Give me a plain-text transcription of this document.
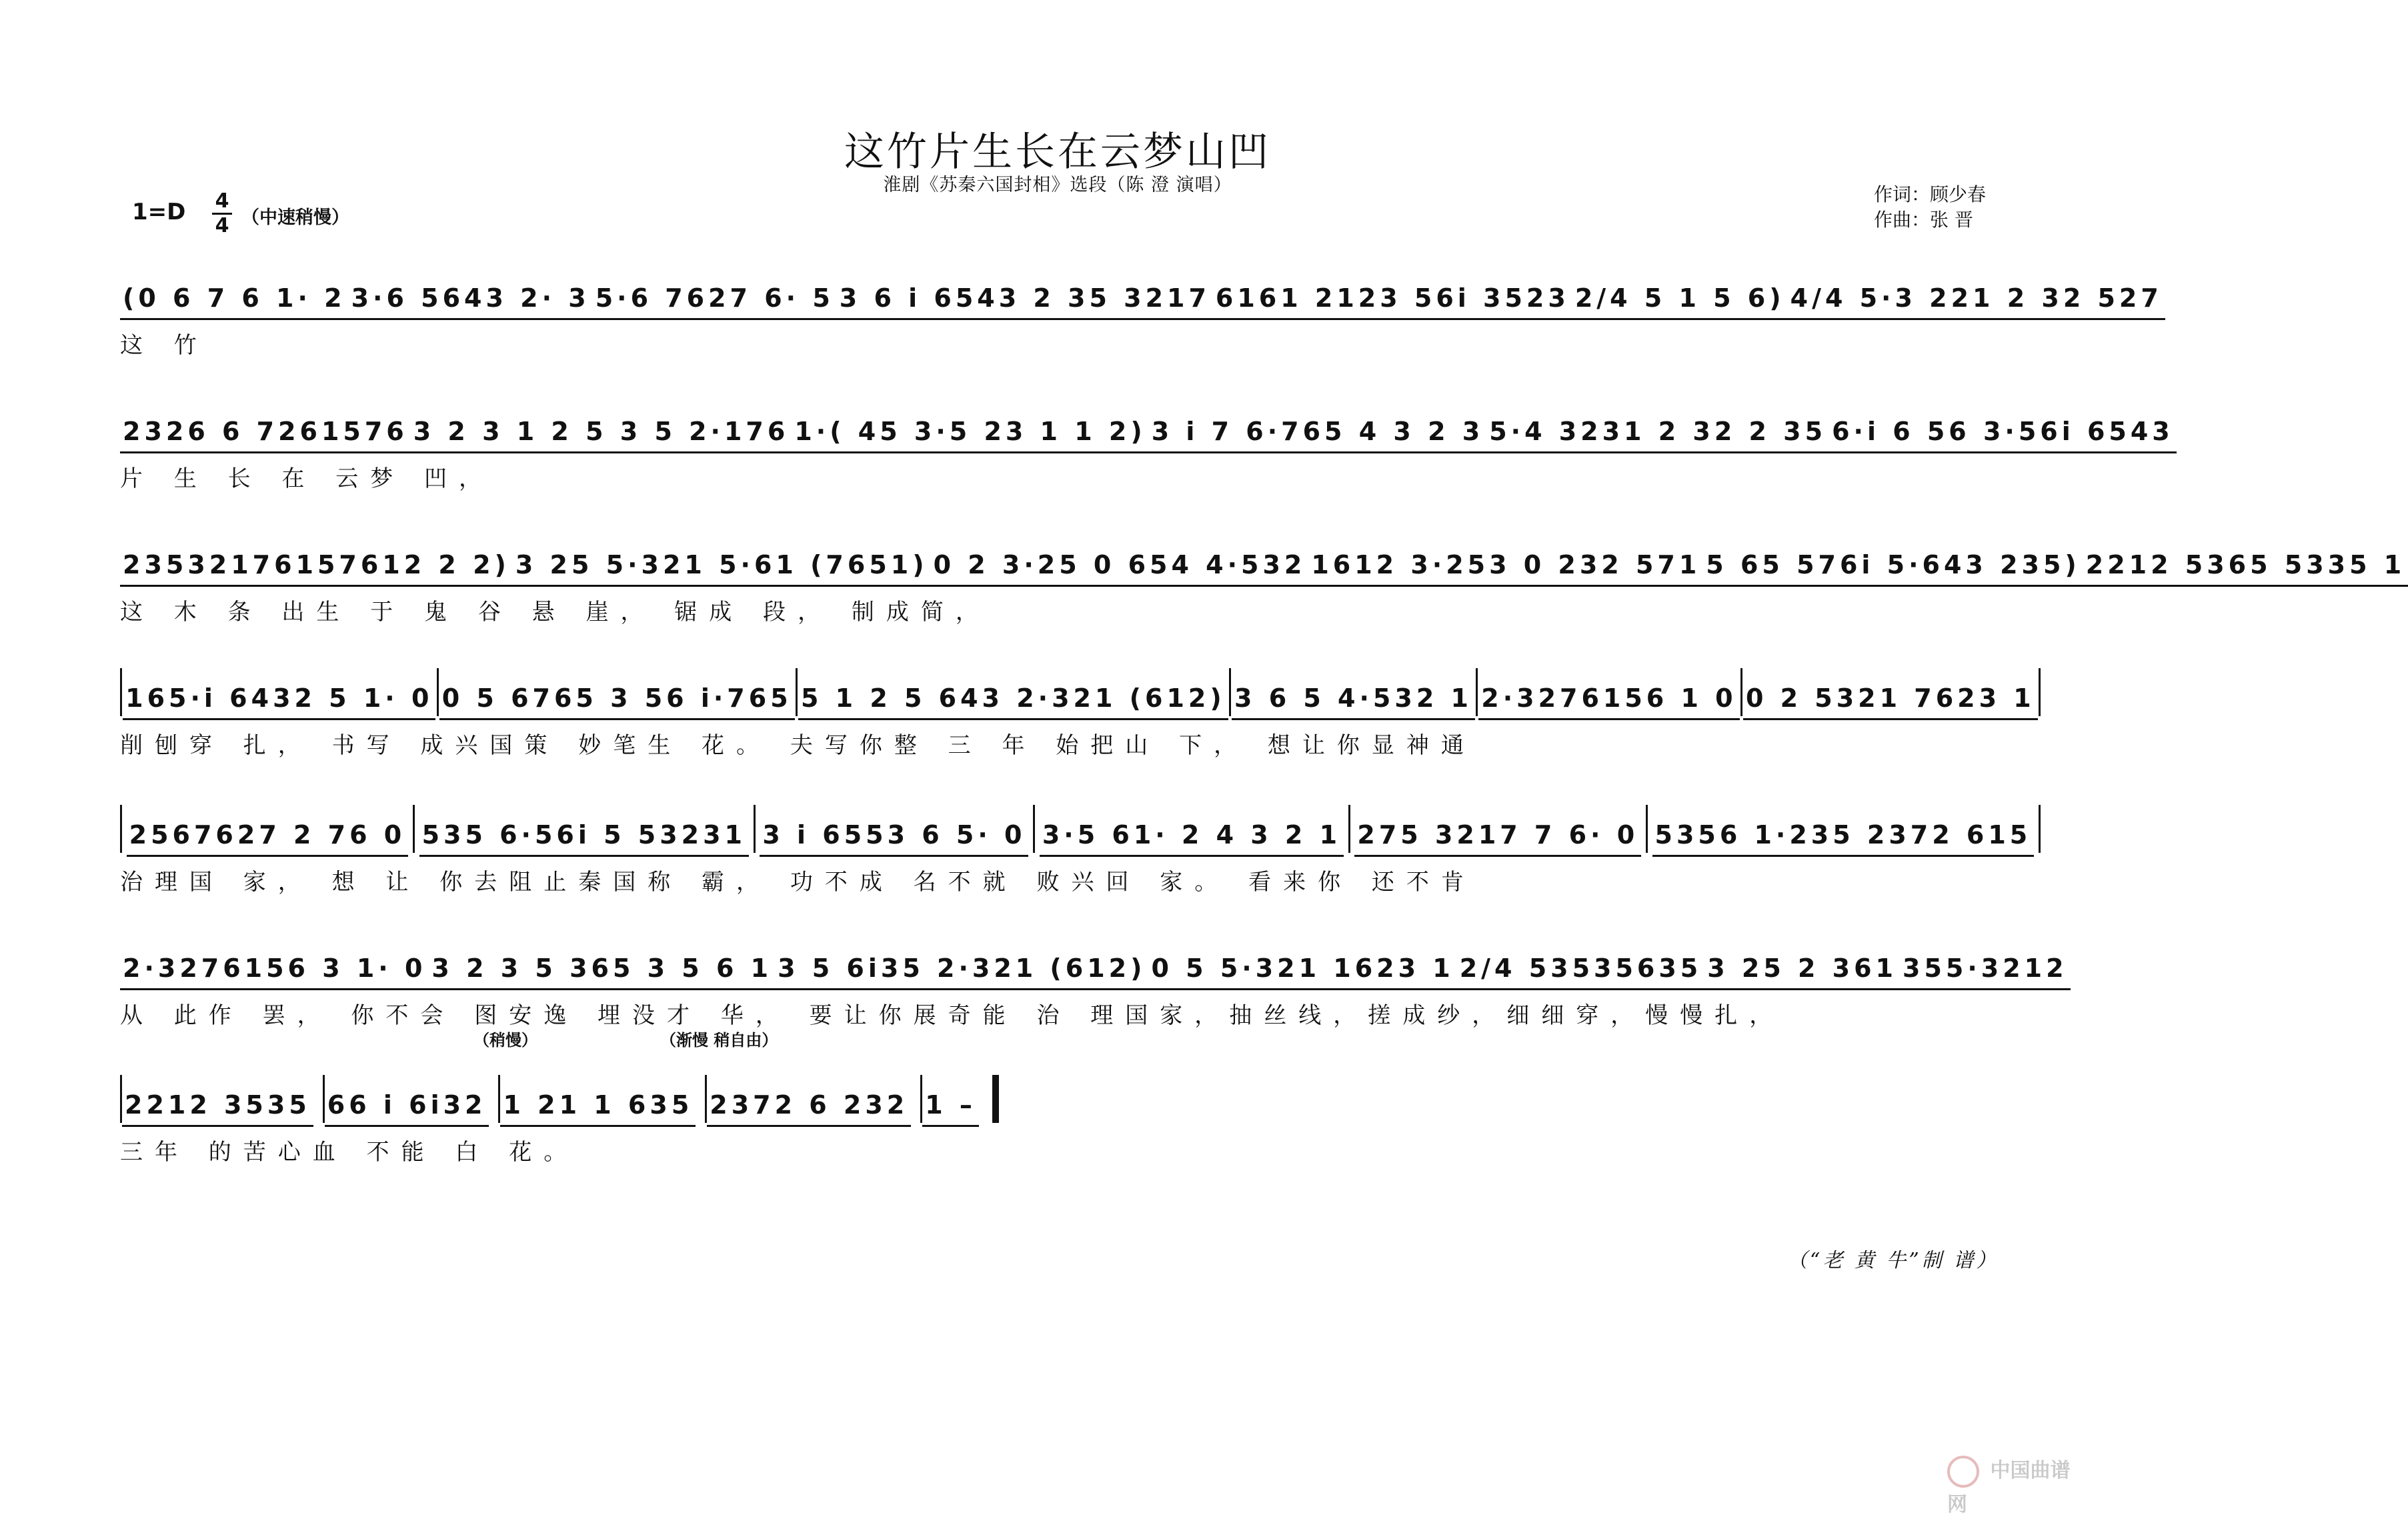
这竹片生长在云梦山凹
淮剧《苏秦六国封相》选段（陈 澄 演唱）	作词：顾少春
作曲：张 晋
1=D 4
4 （中速稍慢）
(0 6 7 6 1· 2 3·6 5643 2· 3 5·6 7627 6· 5 3 6 i 6543 2 35 3217 6161 2123 56i 3523 2/4 5 1 5 6) 4/4 5·3 221 2 32 527
这 竹
2326 6 7261576 3 2 3 1 2 5 3 5 2·176 1·( 45 3·5 23 1 1 2) 3 i 7 6·765 4 3 2 3 5·4 3231 2 32 2 35 6·i 6 56 3·56i 6543
片 生 长 在 云梦 凹，
23532176157612 2 2) 3 25 5·321 5·61 (7651) 0 2 3·25 0 654 4·532 1612 3·253 0 232 571 5 65 576i 5·643 235) 2212 5365 5335 1
这 木 条 出生 于 鬼 谷 悬 崖， 锯成 段， 制成简，
165·i 6432 5 1· 0 0 5 6765 3 56 i·765 5 1 2 5 643 2·321 (612) 3 6 5 4·532 1 2·3276156 1 0 0 2 5321 7623 1
削刨穿 扎， 书写 成兴国策 妙笔生 花。 夫写你整 三 年 始把山 下， 想让你显神通
2567627 2 76 0 535 6·56i 5 53231 3 i 6553 6 5· 0 3·5 61· 2 4 3 2 1 275 3217 7 6· 0 5356 1·235 2372 615
治理国 家， 想 让 你去阻止秦国称 霸， 功不成 名不就 败兴回 家。 看来你 还不肯
2·3276156 3 1· 0 3 2 3 5 365 3 5 6 1 3 5 6i35 2·321 (612) 0 5 5·321 1623 1 2/4 53535635 3 25 2 361 355·3212
从 此作 罢， 你不会 图安逸 埋没才 华， 要让你展奇能 治 理国家，抽丝线，搓成纱，细细穿，慢慢扎，
2212 3535 66 i 6i32 1 21 1 635 2372 6 232 1 –
（稍慢）	（渐慢 稍自由）
三年 的苦心血 不能 白 花。
（“老 黄 牛”制 谱）
中国曲谱网
